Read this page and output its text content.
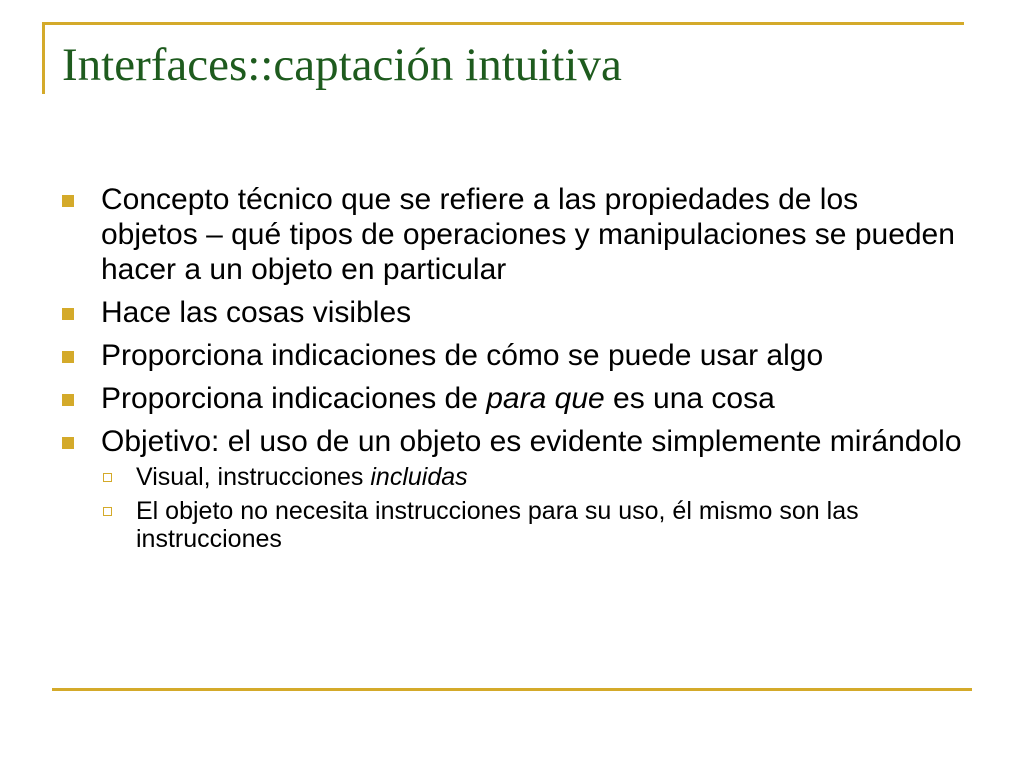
Interfaces::captación intuitiva
Concepto técnico que se refiere a las propiedades de los objetos – qué tipos de operaciones y manipulaciones se pueden hacer a un objeto en particular
Hace las cosas visibles
Proporciona indicaciones de cómo se puede usar algo
Proporciona indicaciones de para que es una cosa
Objetivo: el uso de un objeto es evidente simplemente mirándolo
Visual, instrucciones incluidas
El objeto no necesita instrucciones para su uso, él mismo son las instrucciones
